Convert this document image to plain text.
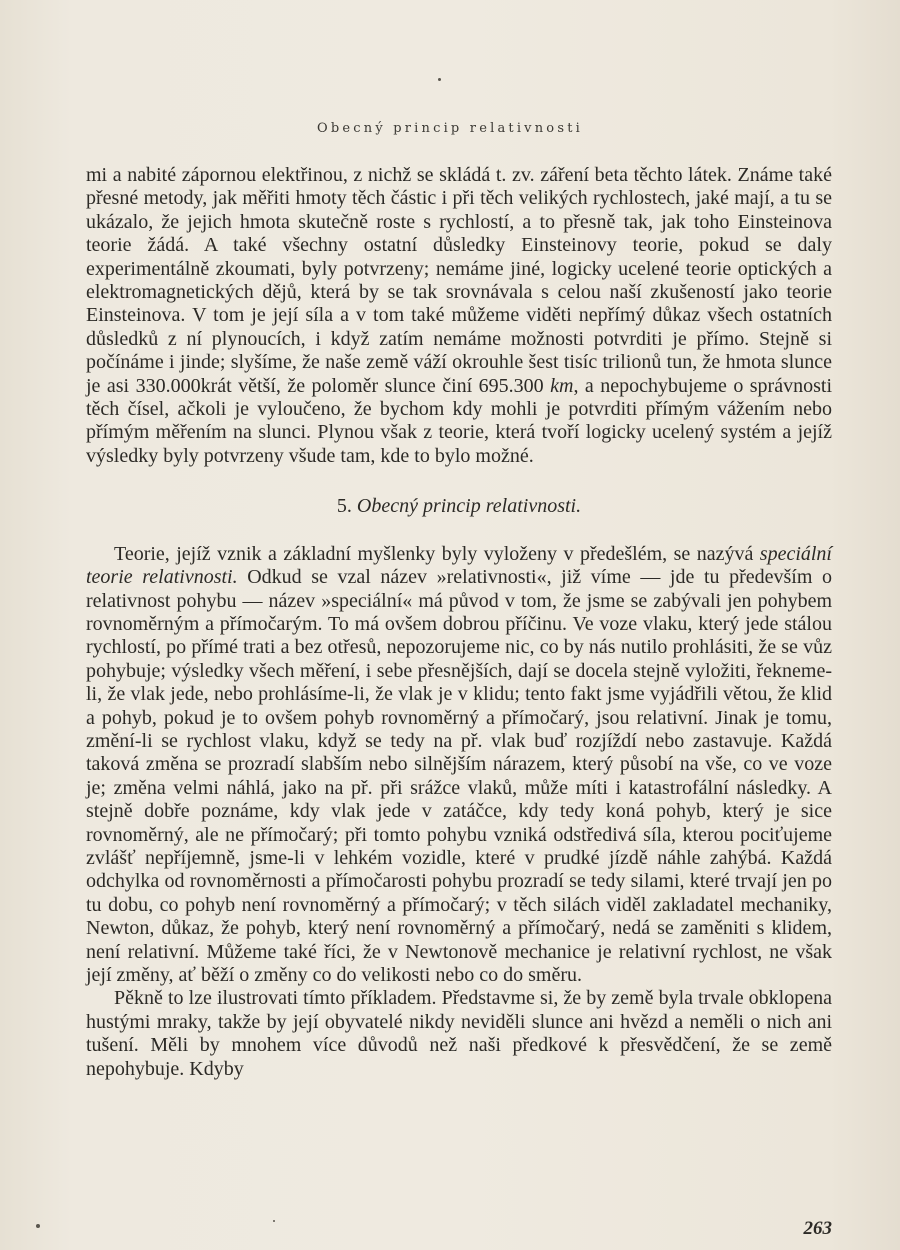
Obecný princip relativnosti

mi a nabité zápornou elektřinou, z nichž se skládá t. zv. záření beta těchto látek. Známe také přesné metody, jak měřiti hmoty těch částic i při těch velikých rychlostech, jaké mají, a tu se ukázalo, že jejich hmota skutečně roste s rychlostí, a to přesně tak, jak toho Einsteinova teorie žádá. A také všechny ostatní důsledky Einsteinovy teorie, pokud se daly experimentálně zkoumati, byly potvrzeny; nemáme jiné, logicky ucelené teorie optických a elektromagnetických dějů, která by se tak srovnávala s celou naší zkušeností jako teorie Einsteinova. V tom je její síla a v tom také můžeme viděti nepřímý důkaz všech ostatních důsledků z ní plynoucích, i když zatím nemáme možnosti potvrditi je přímo. Stejně si počínáme i jinde; slyšíme, že naše země váží okrouhle šest tisíc trilionů tun, že hmota slunce je asi 330.000krát větší, že poloměr slunce činí 695.300 km, a nepochybujeme o správnosti těch čísel, ačkoli je vyloučeno, že bychom kdy mohli je potvrditi přímým vážením nebo přímým měřením na slunci. Plynou však z teorie, která tvoří logicky ucelený systém a jejíž výsledky byly potvrzeny všude tam, kde to bylo možné.

5. Obecný princip relativnosti.

Teorie, jejíž vznik a základní myšlenky byly vyloženy v předešlém, se nazývá speciální teorie relativnosti. Odkud se vzal název »relativnosti«, již víme — jde tu především o relativnost pohybu — název »speciální« má původ v tom, že jsme se zabývali jen pohybem rovnoměrným a přímočarým. To má ovšem dobrou příčinu. Ve voze vlaku, který jede stálou rychlostí, po přímé trati a bez otřesů, nepozorujeme nic, co by nás nutilo prohlásiti, že se vůz pohybuje; výsledky všech měření, i sebe přesnějších, dají se docela stejně vyložiti, řekneme-li, že vlak jede, nebo prohlásíme-li, že vlak je v klidu; tento fakt jsme vyjádřili větou, že klid a pohyb, pokud je to ovšem pohyb rovnoměrný a přímočarý, jsou relativní. Jinak je tomu, změní-li se rychlost vlaku, když se tedy na př. vlak buď rozjíždí nebo zastavuje. Každá taková změna se prozradí slabším nebo silnějším nárazem, který působí na vše, co ve voze je; změna velmi náhlá, jako na př. při srážce vlaků, může míti i katastrofální následky. A stejně dobře poznáme, kdy vlak jede v zatáčce, kdy tedy koná pohyb, který je sice rovnoměrný, ale ne přímočarý; při tomto pohybu vzniká odstředivá síla, kterou pociťujeme zvlášť nepříjemně, jsme-li v lehkém vozidle, které v prudké jízdě náhle zahýbá. Každá odchylka od rovnoměrnosti a přímočarosti pohybu prozradí se tedy silami, které trvají jen po tu dobu, co pohyb není rovnoměrný a přímočarý; v těch silách viděl zakladatel mechaniky, Newton, důkaz, že pohyb, který není rovnoměrný a přímočarý, nedá se zaměniti s klidem, není relativní. Můžeme také říci, že v Newtonově mechanice je relativní rychlost, ne však její změny, ať běží o změny co do velikosti nebo co do směru.

Pěkně to lze ilustrovati tímto příkladem. Představme si, že by země byla trvale obklopena hustými mraky, takže by její obyvatelé nikdy neviděli slunce ani hvězd a neměli o nich ani tušení. Měli by mnohem více důvodů než naši předkové k přesvědčení, že se země nepohybuje. Kdyby

263
